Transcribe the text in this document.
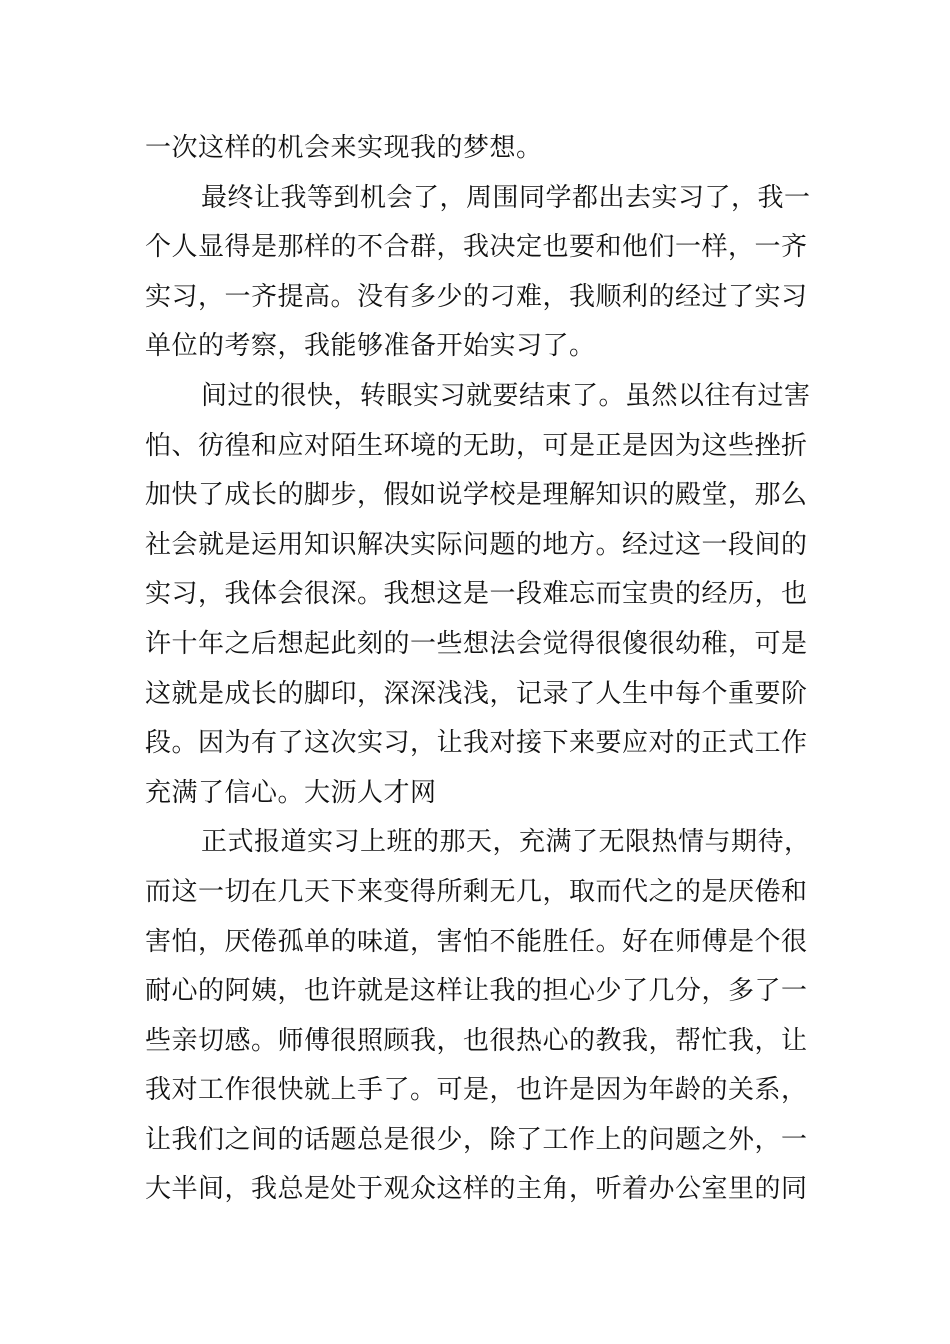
一次这样的机会来实现我的梦想。
最终让我等到机会了，周围同学都出去实习了，我一
个人显得是那样的不合群，我决定也要和他们一样，一齐
实习，一齐提高。没有多少的刁难，我顺利的经过了实习
单位的考察，我能够准备开始实习了。
间过的很快，转眼实习就要结束了。虽然以往有过害
怕、彷徨和应对陌生环境的无助，可是正是因为这些挫折
加快了成长的脚步，假如说学校是理解知识的殿堂，那么
社会就是运用知识解决实际问题的地方。经过这一段间的
实习，我体会很深。我想这是一段难忘而宝贵的经历，也
许十年之后想起此刻的一些想法会觉得很傻很幼稚，可是
这就是成长的脚印，深深浅浅，记录了人生中每个重要阶
段。因为有了这次实习，让我对接下来要应对的正式工作
充满了信心。大沥人才网
正式报道实习上班的那天，充满了无限热情与期待，
而这一切在几天下来变得所剩无几，取而代之的是厌倦和
害怕，厌倦孤单的味道，害怕不能胜任。好在师傅是个很
耐心的阿姨，也许就是这样让我的担心少了几分，多了一
些亲切感。师傅很照顾我，也很热心的教我，帮忙我，让
我对工作很快就上手了。可是，也许是因为年龄的关系，
让我们之间的话题总是很少，除了工作上的问题之外，一
大半间，我总是处于观众这样的主角，听着办公室里的同
